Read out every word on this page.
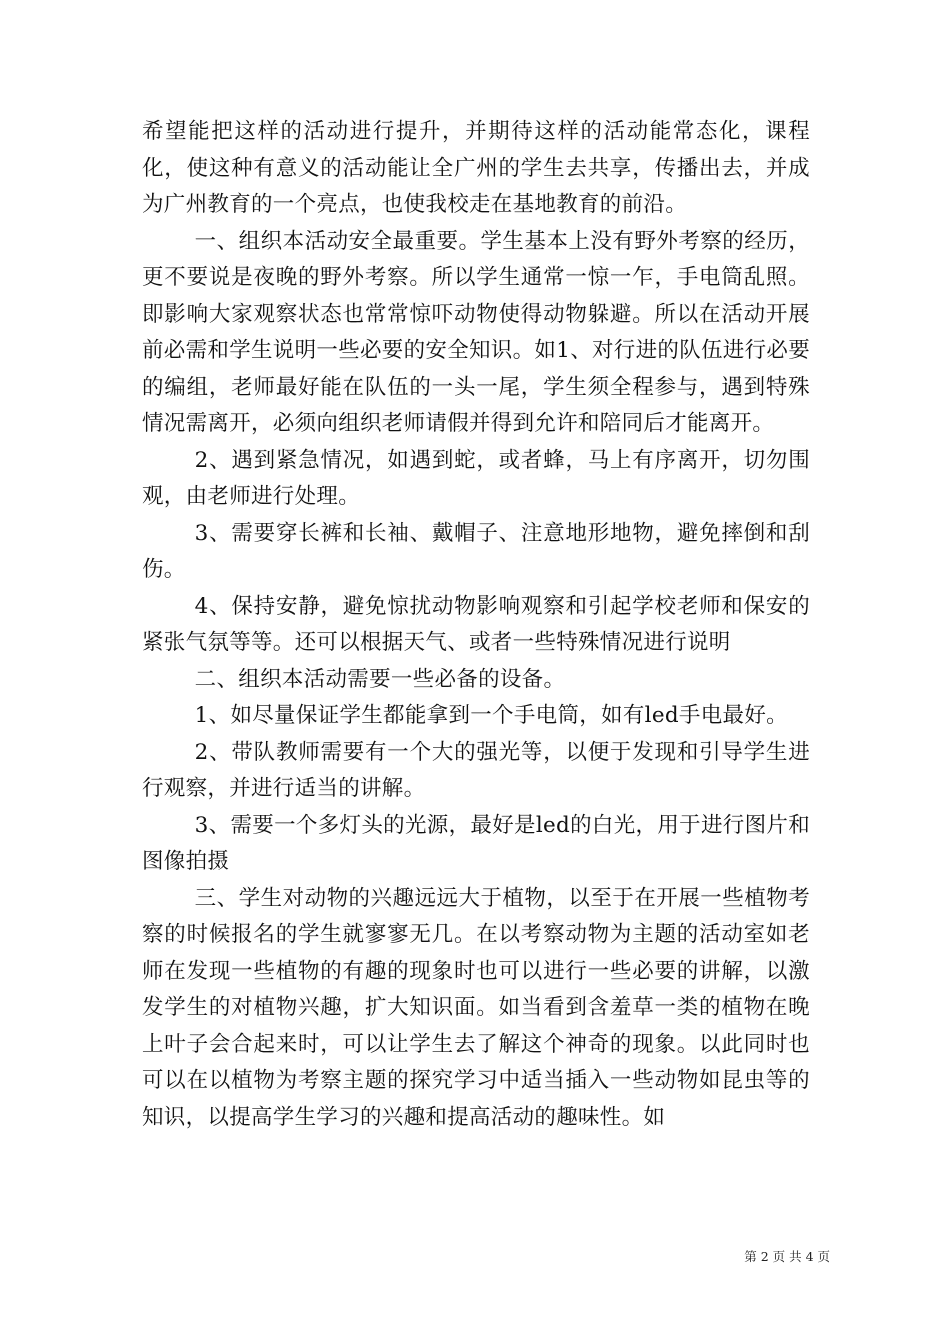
希望能把这样的活动进行提升，并期待这样的活动能常态化，课程化，使这种有意义的活动能让全广州的学生去共享，传播出去，并成为广州教育的一个亮点，也使我校走在基地教育的前沿。

一、组织本活动安全最重要。学生基本上没有野外考察的经历，更不要说是夜晚的野外考察。所以学生通常一惊一乍，手电筒乱照。即影响大家观察状态也常常惊吓动物使得动物躲避。所以在活动开展前必需和学生说明一些必要的安全知识。如1、对行进的队伍进行必要的编组，老师最好能在队伍的一头一尾，学生须全程参与，遇到特殊情况需离开，必须向组织老师请假并得到允许和陪同后才能离开。

2、遇到紧急情况，如遇到蛇，或者蜂，马上有序离开，切勿围观，由老师进行处理。

3、需要穿长裤和长袖、戴帽子、注意地形地物，避免摔倒和刮伤。

4、保持安静，避免惊扰动物影响观察和引起学校老师和保安的紧张气氛等等。还可以根据天气、或者一些特殊情况进行说明

二、组织本活动需要一些必备的设备。

1、如尽量保证学生都能拿到一个手电筒，如有led手电最好。

2、带队教师需要有一个大的强光等，以便于发现和引导学生进行观察，并进行适当的讲解。

3、需要一个多灯头的光源，最好是led的白光，用于进行图片和图像拍摄

三、学生对动物的兴趣远远大于植物，以至于在开展一些植物考察的时候报名的学生就寥寥无几。在以考察动物为主题的活动室如老师在发现一些植物的有趣的现象时也可以进行一些必要的讲解，以激发学生的对植物兴趣，扩大知识面。如当看到含羞草一类的植物在晚上叶子会合起来时，可以让学生去了解这个神奇的现象。以此同时也可以在以植物为考察主题的探究学习中适当插入一些动物如昆虫等的知识，以提高学生学习的兴趣和提高活动的趣味性。如

第 2 页 共 4 页
